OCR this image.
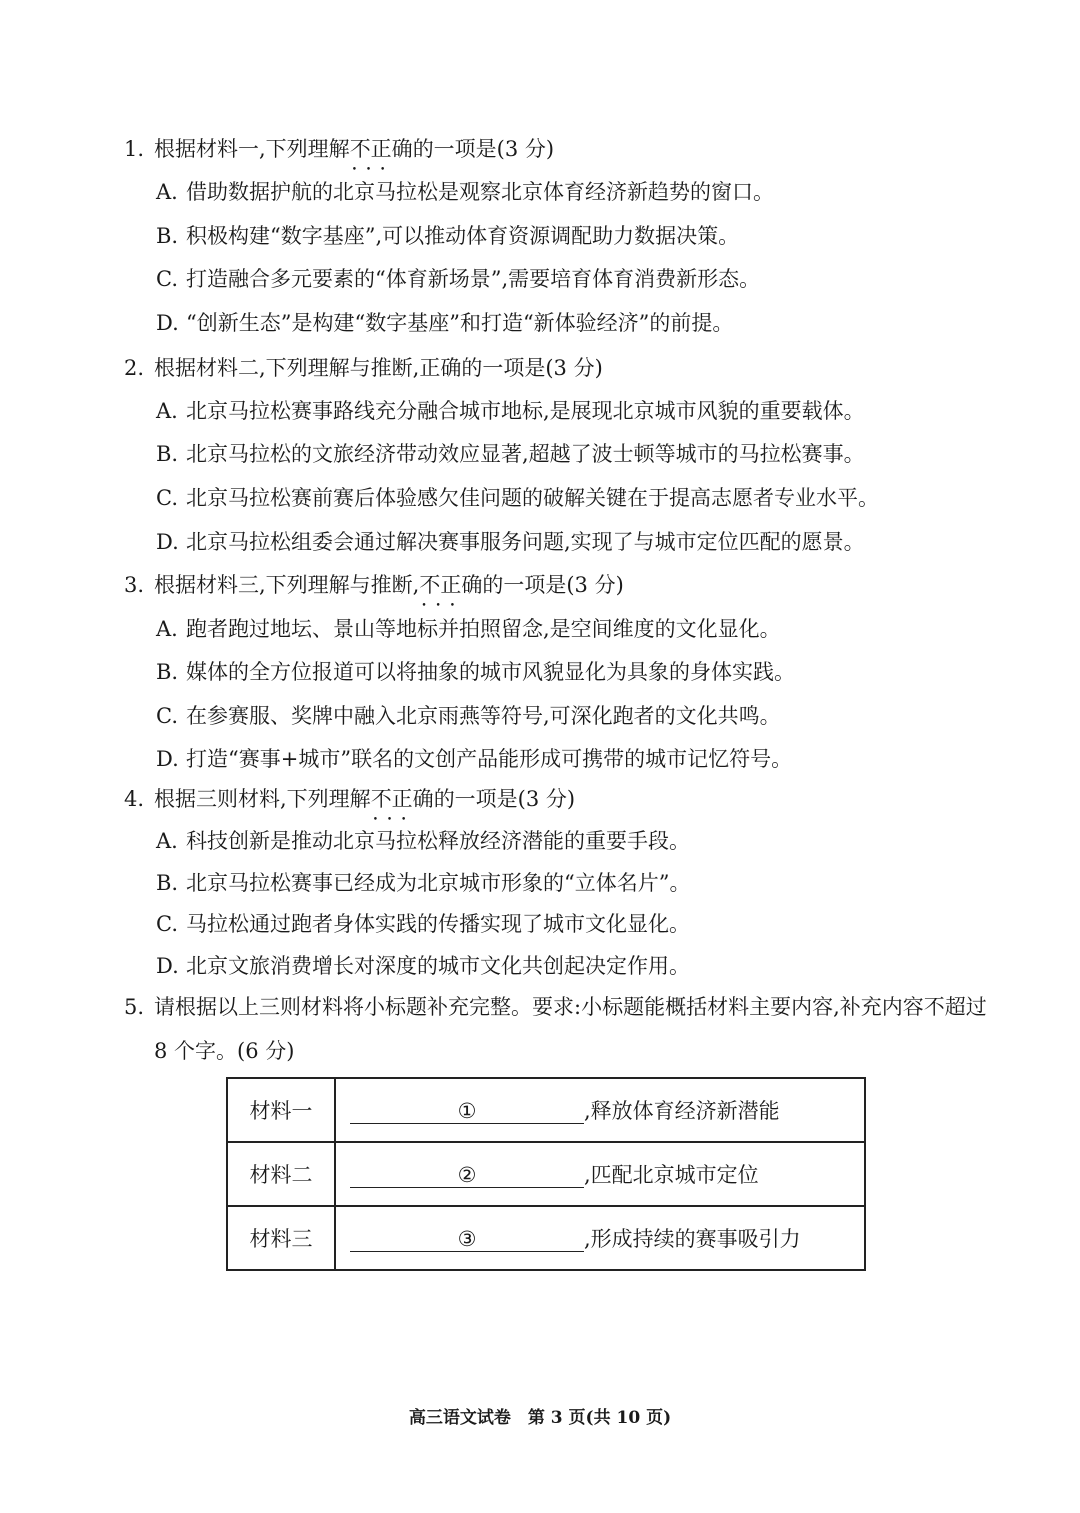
1. 根据材料一,下列理解不正确 • • •的一项是(3 分)
A. 借助数据护航的北京马拉松是观察北京体育经济新趋势的窗口。
B. 积极构建“数字基座”,可以推动体育资源调配助力数据决策。
C. 打造融合多元要素的“体育新场景”,需要培育体育消费新形态。
D. “创新生态”是构建“数字基座”和打造“新体验经济”的前提。
2. 根据材料二,下列理解与推断,正确的一项是(3 分)
A. 北京马拉松赛事路线充分融合城市地标,是展现北京城市风貌的重要载体。
B. 北京马拉松的文旅经济带动效应显著,超越了波士顿等城市的马拉松赛事。
C. 北京马拉松赛前赛后体验感欠佳问题的破解关键在于提高志愿者专业水平。
D. 北京马拉松组委会通过解决赛事服务问题,实现了与城市定位匹配的愿景。
3. 根据材料三,下列理解与推断,不正确 • • •的一项是(3 分)
A. 跑者跑过地坛、景山等地标并拍照留念,是空间维度的文化显化。
B. 媒体的全方位报道可以将抽象的城市风貌显化为具象的身体实践。
C. 在参赛服、奖牌中融入北京雨燕等符号,可深化跑者的文化共鸣。
D. 打造“赛事+城市”联名的文创产品能形成可携带的城市记忆符号。
4. 根据三则材料,下列理解不正确 • • •的一项是(3 分)
A. 科技创新是推动北京马拉松释放经济潜能的重要手段。
B. 北京马拉松赛事已经成为北京城市形象的“立体名片”。
C. 马拉松通过跑者身体实践的传播实现了城市文化显化。
D. 北京文旅消费增长对深度的城市文化共创起决定作用。
5. 请根据以上三则材料将小标题补充完整。要求:小标题能概括材料主要内容,补充内容不超过 8 个字。(6 分)
材料一	① ,释放体育经济新潜能
材料二	② ,匹配北京城市定位
材料三	③ ,形成持续的赛事吸引力
高三语文试卷　第 3 页(共 10 页)
